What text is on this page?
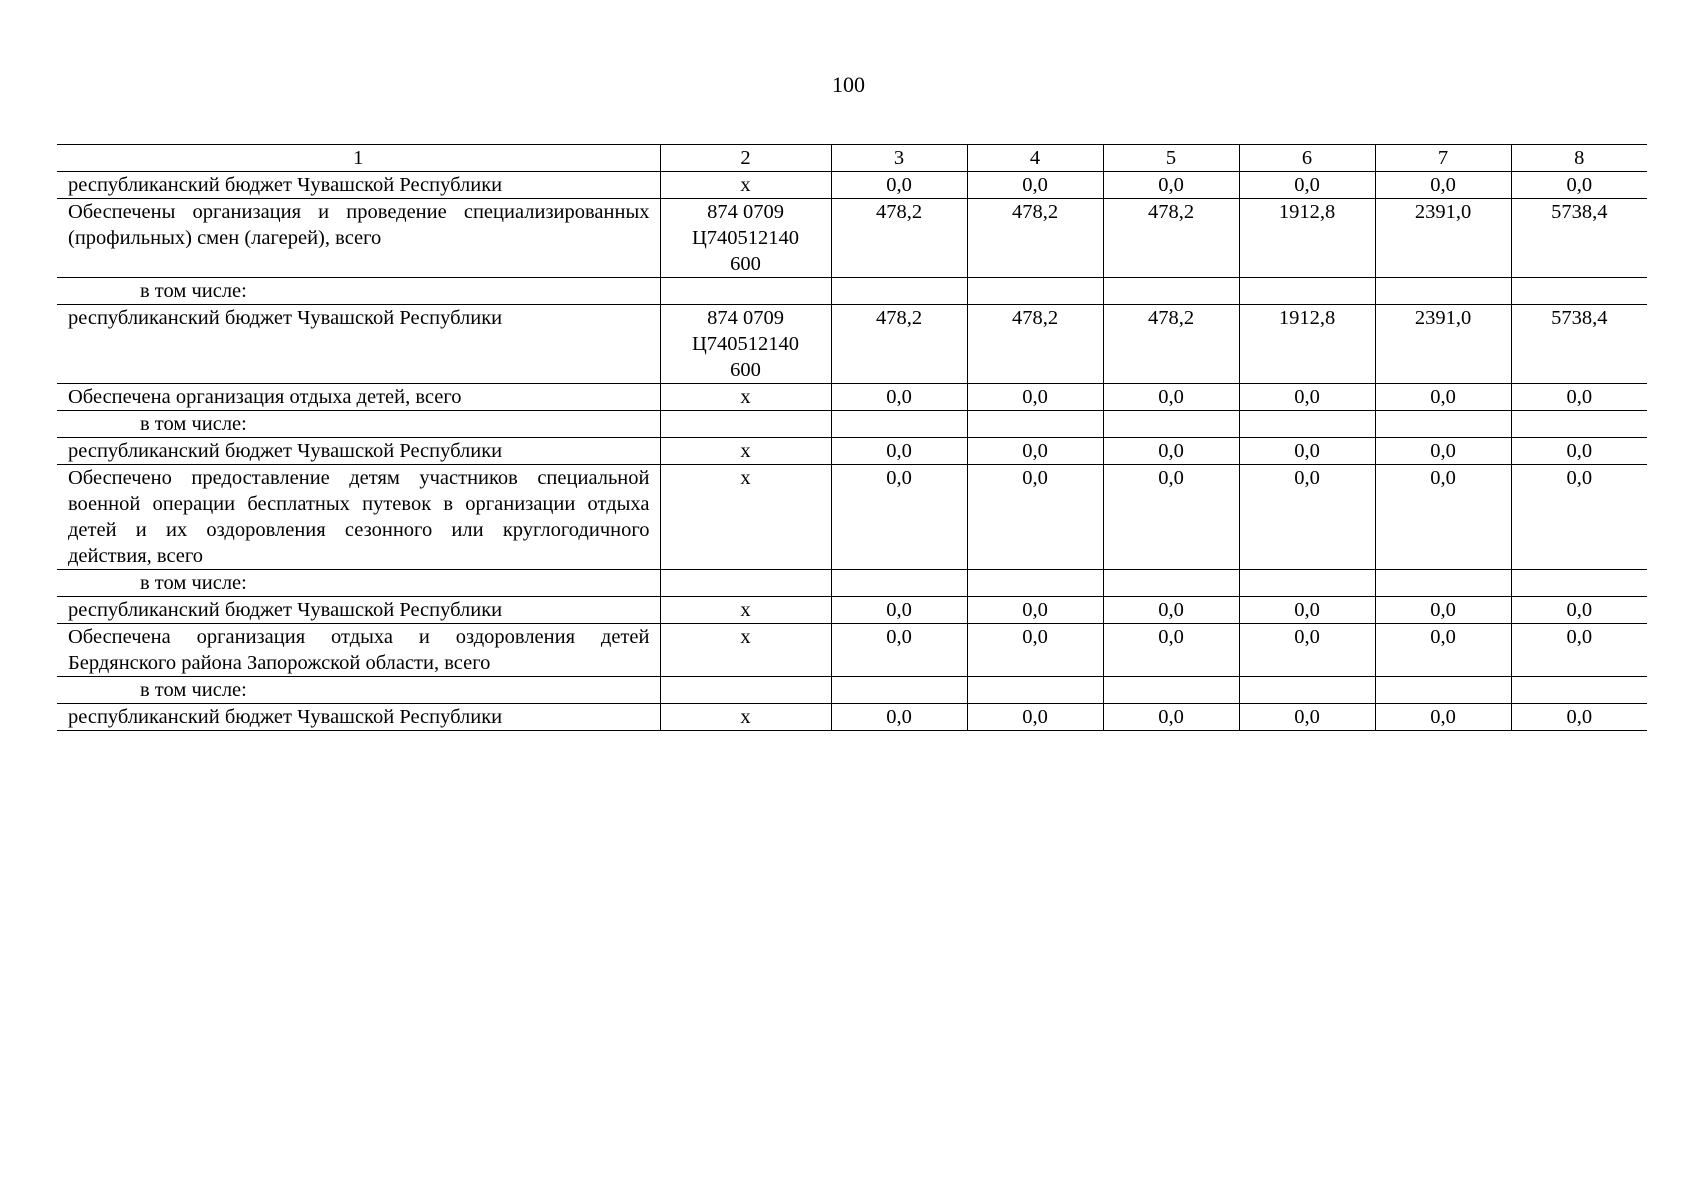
100
1	2	3	4	5	6	7	8
республиканский бюджет Чувашской Республики	х	0,0	0,0	0,0	0,0	0,0	0,0
Обеспечены организация и проведение специализированных (профильных) смен (лагерей), всего	874 0709
Ц740512140
600	478,2	478,2	478,2	1912,8	2391,0	5738,4
в том числе:							
республиканский бюджет Чувашской Республики	874 0709
Ц740512140
600	478,2	478,2	478,2	1912,8	2391,0	5738,4
Обеспечена организация отдыха детей, всего	х	0,0	0,0	0,0	0,0	0,0	0,0
в том числе:							
республиканский бюджет Чувашской Республики	х	0,0	0,0	0,0	0,0	0,0	0,0
Обеспечено предоставление детям участников специальной военной операции бесплатных путевок в организации отдыха детей и их оздоровления сезонного или круглогодичного действия, всего	х	0,0	0,0	0,0	0,0	0,0	0,0
в том числе:							
республиканский бюджет Чувашской Республики	х	0,0	0,0	0,0	0,0	0,0	0,0
Обеспечена организация отдыха и оздоровления детей Бердянского района Запорожской области, всего	х	0,0	0,0	0,0	0,0	0,0	0,0
в том числе:							
республиканский бюджет Чувашской Республики	х	0,0	0,0	0,0	0,0	0,0	0,0
